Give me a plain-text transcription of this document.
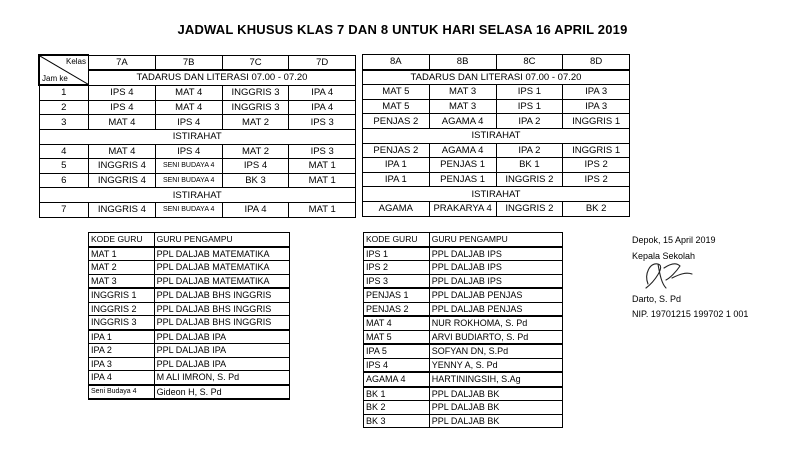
JADWAL KHUSUS KLAS 7 DAN 8 UNTUK HARI SELASA 16 APRIL 2019
Kelas
Jam ke	7A	7B	7C	7D
	TADARUS DAN LITERASI 07.00 - 07.20			
1	IPS 4	MAT 4	INGGRIS 3	IPA 4
2	IPS 4	MAT 4	INGGRIS 3	IPA 4
3	MAT 4	IPS 4	MAT 2	IPS 3
ISTIRAHAT				
4	MAT 4	IPS 4	MAT 2	IPS 3
5	INGGRIS 4	SENI BUDAYA 4	IPS 4	MAT 1
6	INGGRIS 4	SENI BUDAYA 4	BK 3	MAT 1
ISTIRAHAT				
7	INGGRIS 4	SENI BUDAYA 4	IPA 4	MAT 1
8A	8B	8C	8D
TADARUS DAN LITERASI 07.00 - 07.20			
MAT 5	MAT 3	IPS 1	IPA 3
MAT 5	MAT 3	IPS 1	IPA 3
PENJAS 2	AGAMA 4	IPA 2	INGGRIS 1
ISTIRAHAT			
PENJAS 2	AGAMA 4	IPA 2	INGGRIS 1
IPA 1	PENJAS 1	BK 1	IPS 2
IPA 1	PENJAS 1	INGGRIS 2	IPS 2
ISTIRAHAT			
AGAMA	PRAKARYA 4	INGGRIS 2	BK 2
KODE GURU	GURU PENGAMPU
MAT 1	PPL DALJAB MATEMATIKA
MAT 2	PPL DALJAB MATEMATIKA
MAT 3	PPL DALJAB MATEMATIKA
INGGRIS 1	PPL DALJAB BHS INGGRIS
INGGRIS 2	PPL DALJAB BHS INGGRIS
INGGRIS 3	PPL DALJAB BHS INGGRIS
IPA 1	PPL DALJAB IPA
IPA 2	PPL DALJAB IPA
IPA 3	PPL DALJAB IPA
IPA 4	M ALI IMRON, S. Pd
Seni Budaya 4	Gideon H, S. Pd
KODE GURU	GURU PENGAMPU
IPS 1	PPL DALJAB IPS
IPS 2	PPL DALJAB IPS
IPS 3	PPL DALJAB IPS
PENJAS 1	PPL DALJAB PENJAS
PENJAS 2	PPL DALJAB PENJAS
MAT 4	NUR ROKHOMA, S. Pd
MAT 5	ARVI BUDIARTO, S. Pd
IPA 5	SOFYAN DN, S.Pd
IPS 4	YENNY A, S. Pd
AGAMA 4	HARTININGSIH, S.Ag
BK 1	PPL DALJAB BK
BK 2	PPL DALJAB BK
BK 3	PPL DALJAB BK
Depok, 15 April 2019
Kepala Sekolah
Darto, S. Pd
NIP. 19701215 199702 1 001
